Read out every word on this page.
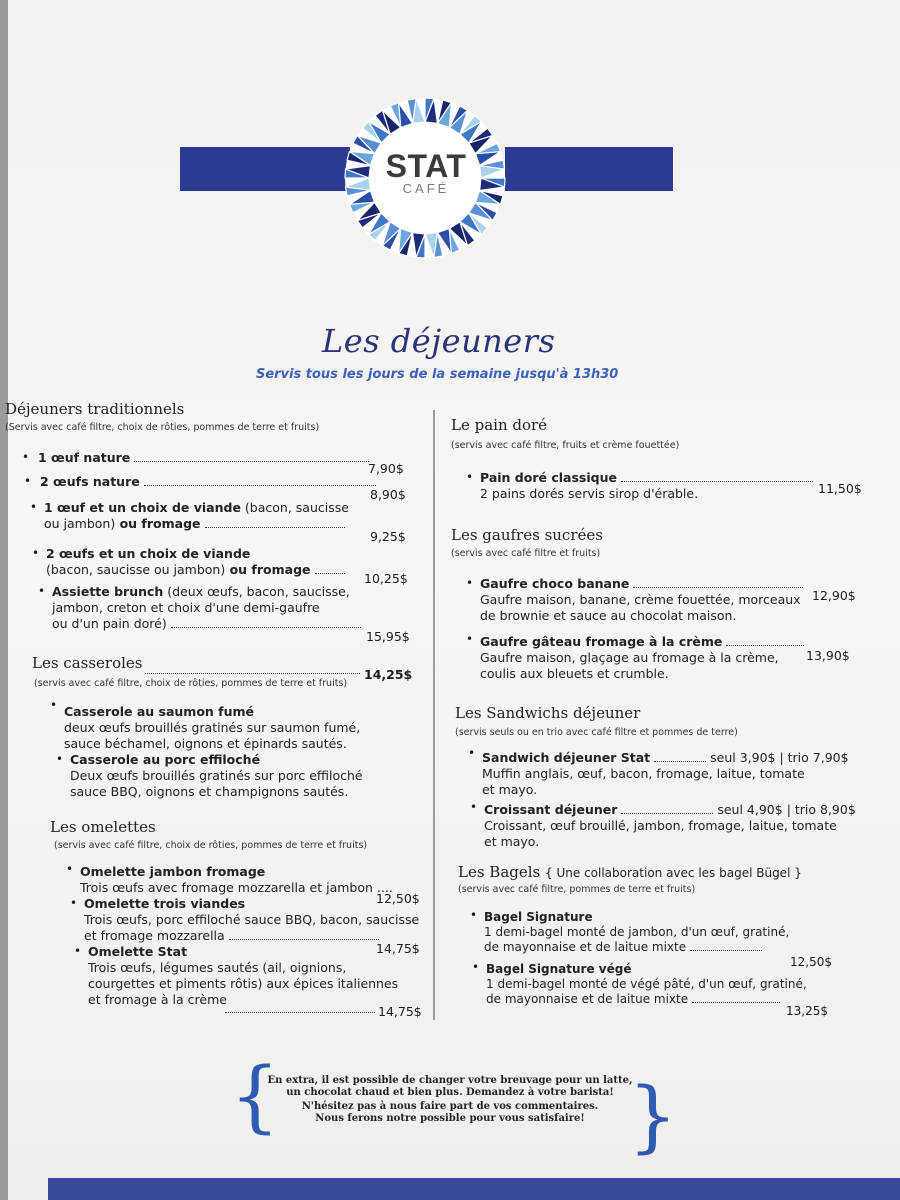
STAT
CAFÉ
Les déjeuners
Servis tous les jours de la semaine jusqu'à 13h30
Déjeuners traditionnels
(Servis avec café filtre, choix de rôties, pommes de terre et fruits)
• 1 œuf nature
7,90$
• 2 œufs nature
8,90$
• 1 œuf et un choix de viande (bacon, saucisse
ou jambon) ou fromage
9,25$
• 2 œufs et un choix de viande
(bacon, saucisse ou jambon) ou fromage
10,25$
• Assiette brunch (deux œufs, bacon, saucisse,
jambon, creton et choix d'une demi-gaufre
ou d'un pain doré)
15,95$
Les casseroles
14,25$
(servis avec café filtre, choix de rôties, pommes de terre et fruits)
• Casserole au saumon fumé
deux œufs brouillés gratinés sur saumon fumé,
sauce béchamel, oignons et épinards sautés.
• Casserole au porc effiloché
Deux œufs brouillés gratinés sur porc effiloché
sauce BBQ, oignons et champignons sautés.
Les omelettes
(servis avec café filtre, choix de rôties, pommes de terre et fruits)
• Omelette jambon fromage
Trois œufs avec fromage mozzarella et jambon ....
12,50$
• Omelette trois viandes
Trois œufs, porc effiloché sauce BBQ, bacon, saucisse
et fromage mozzarella
14,75$
• Omelette Stat
Trois œufs, légumes sautés (ail, oignions,
courgettes et piments rôtis) aux épices italiennes
et fromage à la crème
14,75$
Le pain doré
(servis avec café filtre, fruits et crème fouettée)
• Pain doré classique
2 pains dorés servis sirop d'érable.	11,50$
Les gaufres sucrées
(servis avec café filtre et fruits)
• Gaufre choco banane
Gaufre maison, banane, crème fouettée, morceaux
de brownie et sauce au chocolat maison.
12,90$
• Gaufre gâteau fromage à la crème
Gaufre maison, glaçage au fromage à la crème,
coulis aux bleuets et crumble.
13,90$
Les Sandwichs déjeuner
(servis seuls ou en trio avec café filtre et pommes de terre)
• Sandwich déjeuner Stat	seul 3,90$ | trio 7,90$
Muffin anglais, œuf, bacon, fromage, laitue, tomate
et mayo.
• Croissant déjeuner	seul 4,90$ | trio 8,90$
Croissant, œuf brouillé, jambon, fromage, laitue, tomate
et mayo.
Les Bagels { Une collaboration avec les bagel Bügel }
(servis avec café filtre, pommes de terre et fruits)
• Bagel Signature
1 demi-bagel monté de jambon, d'un œuf, gratiné,
de mayonnaise et de laitue mixte
12,50$
• Bagel Signature végé
1 demi-bagel monté de végé pâté, d'un œuf, gratiné,
de mayonnaise et de laitue mixte
13,25$
{	}
En extra, il est possible de changer votre breuvage pour un latte,
un chocolat chaud et bien plus. Demandez à votre barista!
N'hésitez pas à nous faire part de vos commentaires.
Nous ferons notre possible pour vous satisfaire!
